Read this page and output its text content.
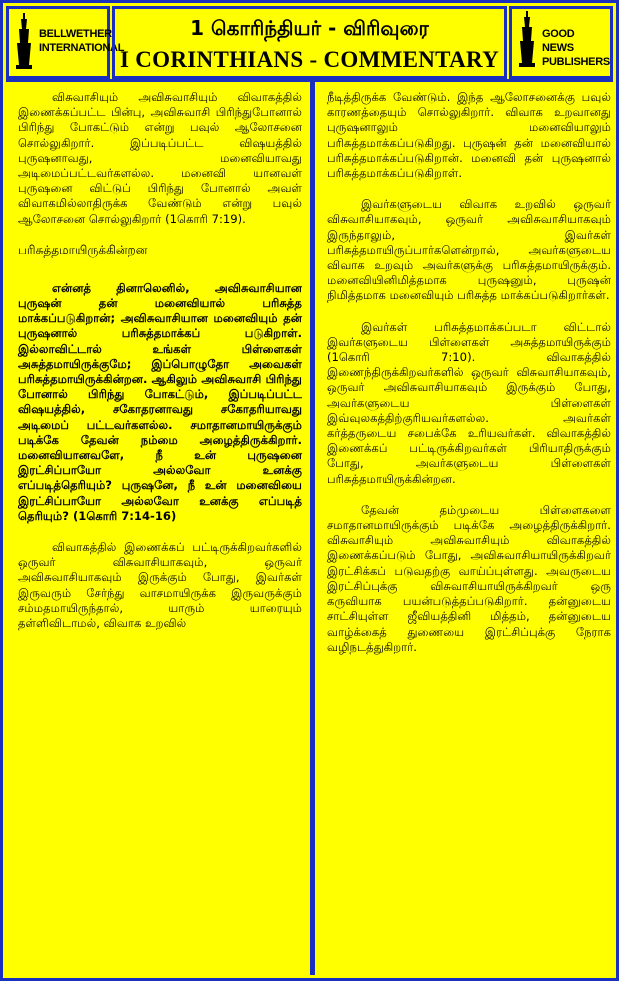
BELLWETHER INTERNATIONAL
1 கொரிந்தியர் - விரிவுரை
I CORINTHIANS - COMMENTARY
GOOD NEWS PUBLISHERS

விசுவாசியும் அவிசுவாசியும் விவாகத்தில் இணைக்கப்பட்ட பின்பு, அவிசுவாசி பிரிந்துபோனால் பிரிந்து போகட்டும் என்று பவுல் ஆலோசனை சொல்லுகிறார். இப்படிப்பட்ட விஷயத்தில் புருஷனாவது, மனைவியாவது அடிமைப்பட்டவர்களல்ல. மனைவி யானவள் புருஷனை விட்டுப் பிரிந்து போனால் அவள் விவாகமில்லாதிருக்க வேண்டும் என்று பவுல் ஆலோசனை சொல்லுகிறார் (1கொரி 7:19).

பரிசுத்தமாயிருக்கின்றன

என்னத் தினாலெனில், அவிசுவாசியான புருஷன் தன் மனைவியால் பரிசுத்த மாக்கப்படுகிறான்; அவிசுவாசியான மனைவியும் தன் புருஷனால் பரிசுத்தமாக்கப் படுகிறாள். இல்லாவிட்டால் உங்கள் பிள்ளைகள் அசுத்தமாயிருக்குமே; இப்பொழுதோ அவைகள் பரிசுத்தமாயிருக்கின்றன. ஆகிலும் அவிசுவாசி பிரிந்து போனால் பிரிந்து போகட்டும், இப்படிப்பட்ட விஷயத்தில், சகோதரனாவது சகோதரியாவது அடிமைப் பட்டவர்களல்ல. சமாதானமாயிருக்கும் படிக்கே தேவன் நம்மை அழைத்திருக்கிறார். மனைவியானவளே, நீ உன் புருஷனை இரட்சிப்பாயோ அல்லவோ உனக்கு எப்படித்தெரியும்? புருஷனே, நீ உன் மனைவியை இரட்சிப்பாயோ அல்லவோ உனக்கு எப்படித் தெரியும்? (1கொரி 7:14-16)

விவாகத்தில் இணைக்கப் பட்டிருக்கிறவர்களில் ஒருவர் விசுவாசியாகவும், ஒருவர் அவிசுவாசியாகவும் இருக்கும் போது, இவர்கள் இருவரும் சேர்ந்து வாசமாயிருக்க இருவருக்கும் சம்மதமாயிருந்தால், யாரும் யாரையும் தள்ளிவிடாமல், விவாக உறவில்

நீடித்திருக்க வேண்டும். இந்த ஆலோசனைக்கு பவுல் காரணத்தையும் சொல்லுகிறார். விவாக உறவானது புருஷனாலும் மனைவியாலும் பரிசுத்தமாக்கப்படுகிறது. புருஷன் தன் மனைவியால் பரிசுத்தமாக்கப்படுகிறான். மனைவி தன் புருஷனால் பரிசுத்தமாக்கப்படுகிறாள்.

இவர்களுடைய விவாக உறவில் ஒருவர் விசுவாசியாகவும், ஒருவர் அவிசுவாசியாகவும் இருந்தாலும், இவர்கள் பரிசுத்தமாயிருப்பார்களென்றால், அவர்களுடைய விவாக உறவும் அவர்களுக்கு பரிசுத்தமாயிருக்கும். மனைவியினிமித்தமாக புருஷனும், புருஷன் நிமித்தமாக மனைவியும் பரிசுத்த மாக்கப்படுகிறார்கள்.

இவர்கள் பரிசுத்தமாக்கப்படா விட்டால் இவர்களுடைய பிள்ளைகள் அசுத்தமாயிருக்கும் (1கொரி 7:10). விவாகத்தில் இணைந்திருக்கிறவர்களில் ஒருவர் விசுவாசியாகவும், ஒருவர் அவிசுவாசியாகவும் இருக்கும் போது, அவர்களுடைய பிள்ளைகள் இவ்வுலகத்திற்குரியவர்களல்ல. அவர்கள் கர்த்தருடைய சபைக்கே உரியவர்கள். விவாகத்தில் இணைக்கப் பட்டிருக்கிறவர்கள் பிரியாதிருக்கும் போது, அவர்களுடைய பிள்ளைகள் பரிசுத்தமாயிருக்கின்றன.

தேவன் தம்முடைய பிள்ளைகளை சமாதானமாயிருக்கும் படிக்கே அழைத்திருக்கிறார். விசுவாசியும் அவிசுவாசியும் விவாகத்தில் இணைக்கப்படும் போது, அவிசுவாசியாயிருக்கிறவர் இரட்சிக்கப் படுவதற்கு வாய்ப்புள்ளது. அவருடைய இரட்சிப்புக்கு விசுவாசியாயிருக்கிறவர் ஒரு கருவியாக பயன்படுத்தப்படுகிறார். தன்னுடைய சாட்சியுள்ள ஜீவியத்தினி மித்தம், தன்னுடைய வாழ்க்கைத் துணையை இரட்சிப்புக்கு நேராக வழிநடத்துகிறார்.
